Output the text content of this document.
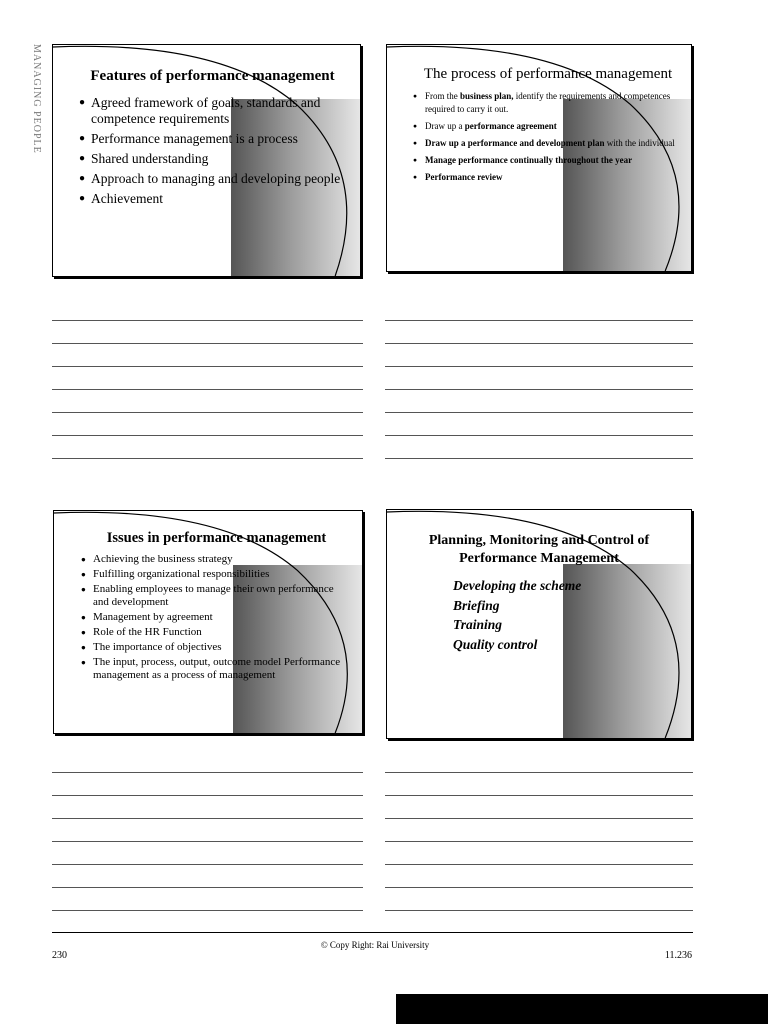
MANAGING PEOPLE	Features of performance management
● Agreed framework of goals, standards and competence requirements
● Performance management is a process
● Shared understanding
● Approach to managing and developing people
● Achievement
The process of performance management
● From the business plan, identify the requirements and competences required to carry it out.
● Draw up a performance agreement
● Draw up a performance and development plan with the individual
● Manage performance continually throughout the year
● Performance review
Issues in performance management
● Achieving the business strategy
● Fulfilling organizational responsibilities
● Enabling employees to manage their own performance and development
● Management by agreement
● Role of the HR Function
● The importance of objectives
● The input, process, output, outcome model Performance management as a process of management
Planning, Monitoring and Control of Performance Management
Developing the scheme
Briefing
Training
Quality control
230
© Copy Right: Rai University
11.236
